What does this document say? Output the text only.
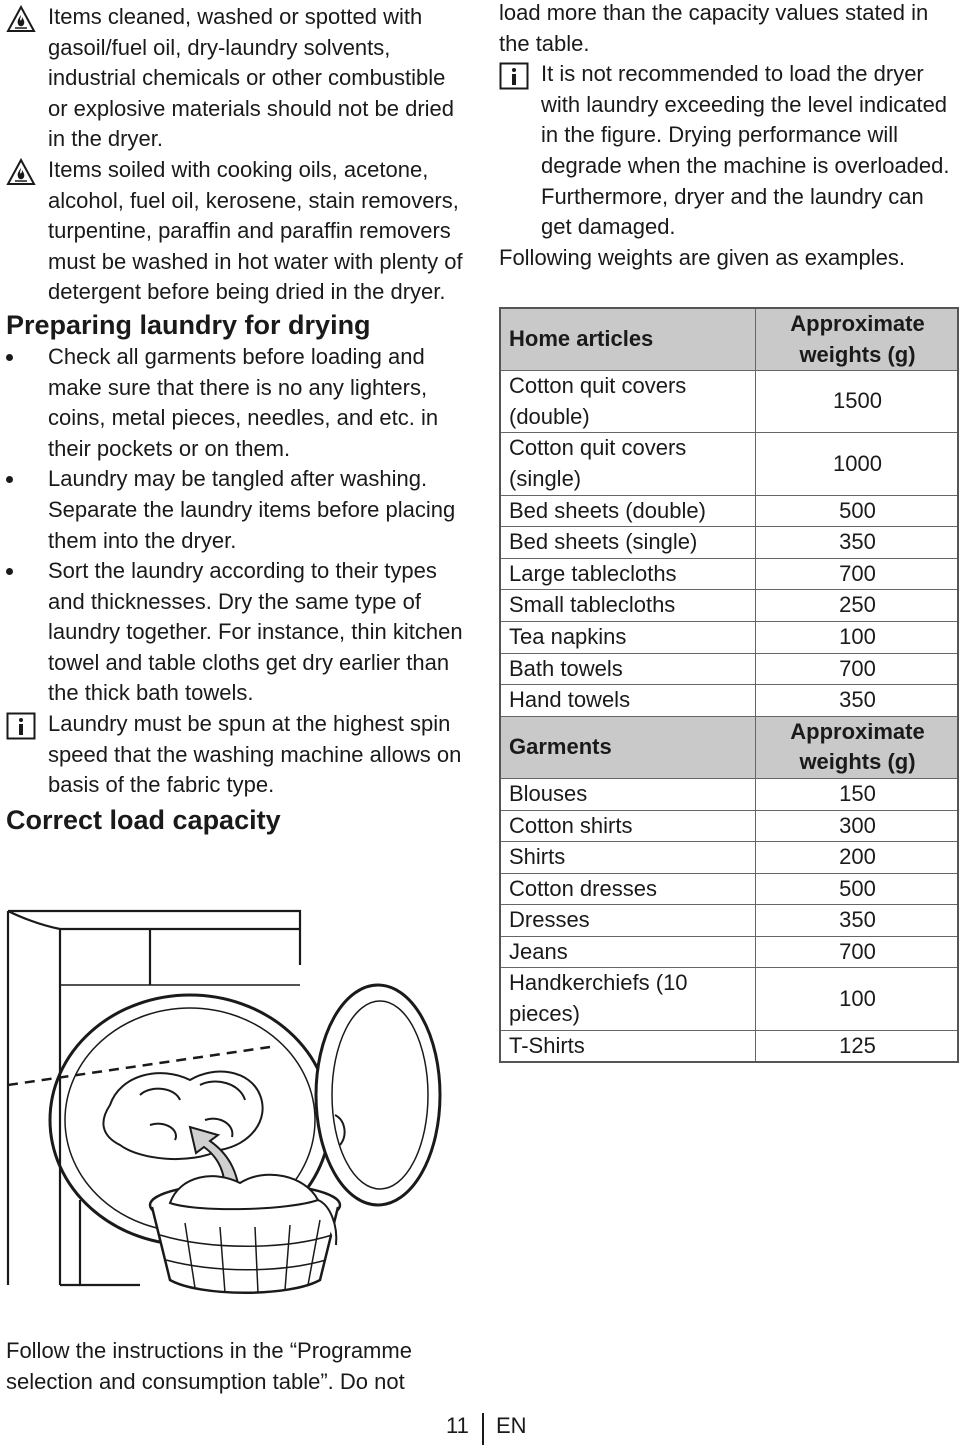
Items cleaned, washed or spotted with gasoil/fuel oil, dry-laundry solvents, industrial chemicals or other combustible or explosive materials should not be dried in the dryer.
Items soiled with cooking oils, acetone, alcohol, fuel oil, kerosene, stain removers, turpentine, paraffin and paraffin removers must be washed in hot water with plenty of detergent before being dried in the dryer.
Preparing laundry for drying
Check all garments before loading and make sure that there is no any lighters, coins, metal pieces, needles, and etc. in their pockets or on them.
Laundry may be tangled after washing. Separate the laundry items before placing them into the dryer.
Sort the laundry according to their types and thicknesses. Dry the same type of laundry together. For instance, thin kitchen towel and table cloths get dry earlier than the thick bath towels.
Laundry must be spun at the highest spin speed that the washing machine allows on basis of the fabric type.
Correct load capacity
Follow the instructions in the “Programme selection and consumption table”. Do not
load more than the capacity values stated in the table.
It is not recommended to load the dryer with laundry exceeding the level indicated in the figure. Drying performance will degrade when the machine is overloaded. Furthermore, dryer and the laundry can get damaged.
Following weights are given as examples.
Home articles	Approximate weights (g)
Cotton quit covers (double)	1500
Cotton quit covers (single)	1000
Bed sheets (double)	500
Bed sheets (single)	350
Large tablecloths	700
Small tablecloths	250
Tea napkins	100
Bath towels	700
Hand towels	350
Garments	Approximate weights (g)
Blouses	150
Cotton shirts	300
Shirts	200
Cotton dresses	500
Dresses	350
Jeans	700
Handkerchiefs (10 pieces)	100
T-Shirts	125
11 EN
